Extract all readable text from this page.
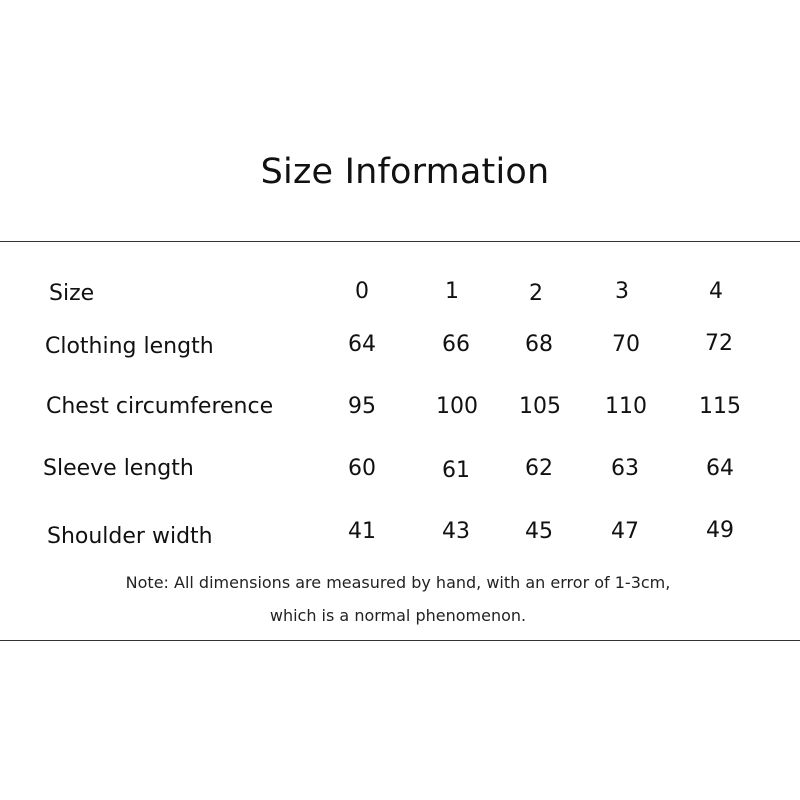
Size Information
Size	0	1	2	3	4
Clothing length	64	66	68	70	72
Chest circumference	95	100	105	110	115
Sleeve length	60	61	62	63	64
Shoulder width	41	43	45	47	49
Note: All dimensions are measured by hand, with an error of 1-3cm,
which is a normal phenomenon.
